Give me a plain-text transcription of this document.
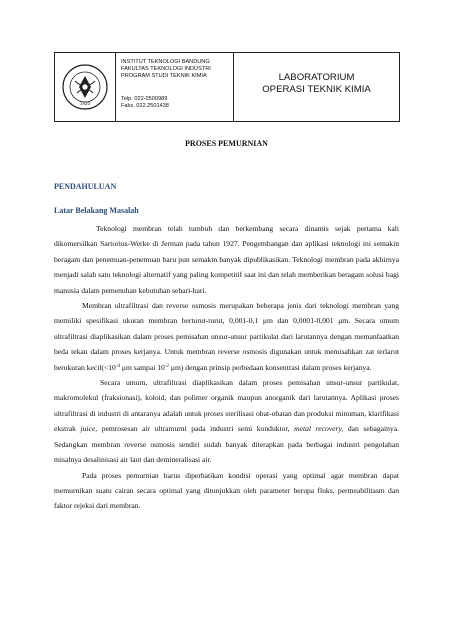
1920
INSTITUT TEKNOLOGI BANDUNG
FAKULTAS TEKNOLOGI INDUSTRI
PROGRAM STUDI TEKNIK KIMIA
Telp. 022-2500989
Faks. 022.2501438
LABORATORIUM
OPERASI TEKNIK KIMIA
PROSES PEMURNIAN
PENDAHULUAN
Latar Belakang Masalah

Teknologi membran telah tumbuh dan berkembang secara dinamis sejak pertama kali dikomersilkan Sartorius-Werke di Jerman pada tahun 1927. Pengembangan dan aplikasi teknologi ini semakin beragam dan penemuan-penemuan baru pun semakin banyak dipublikasikan. Teknologi membran pada akhirnya menjadi salah satu teknologi alternatif yang paling kompetitif saat ini dan telah memberikan beragam solusi bagi manusia dalam pemenuhan kebutuhan sehari-hari.

Membran ultrafiltrasi dan reverse osmosis merupakan beberapa jenis dari teknologi membran yang memiliki spesifikasi ukuran membran berturut-turut, 0,001-0,1 μm dan 0,0001-0,001 μm. Secara umum ultrafiltrasi diaplikasikan dalam proses pemisahan unsur-unsur partikulat dari larutannya dengan memanfaatkan beda tekan dalam proses kerjanya. Untuk membran reverse osmosis digunakan untuk memisahkan zat terlarut berukuran $kecil(<10^{-4}$ μm sampai $10^{-2}$ μm) dengan prinsip perbedaan konsentrasi dalam proses kerjanya.

Secara umum, ultrafiltrasi diaplikasikan dalam proses pemisahan unsur-unsur partikulat, makromolekul (fraksionasi), koloid, dan polimer organik maupun anorganik dari larutannya. Aplikasi proses ultrafiltrasi di industri di antaranya adalah untuk proses sterilisasi obat-obatan dan produksi minuman, klarifikasi ekstrak juice, pemrosesan air ultramurni pada industri semi konduktor, metal recovery, dan sebagainya. Sedangkan membran reverse osmosis sendiri sudah banyak diterapkan pada berbagai industri pengolahan misalnya desalinisasi air laut dan demineralisasi air.

Pada proses pemurnian harus diperhatikan kondisi operasi yang optimal agar membran dapat memurnikan suatu cairan secara optimal yang ditunjukkan oleh parameter berupa fluks, permeabilitasm dan faktor rejeksi dari membran.
